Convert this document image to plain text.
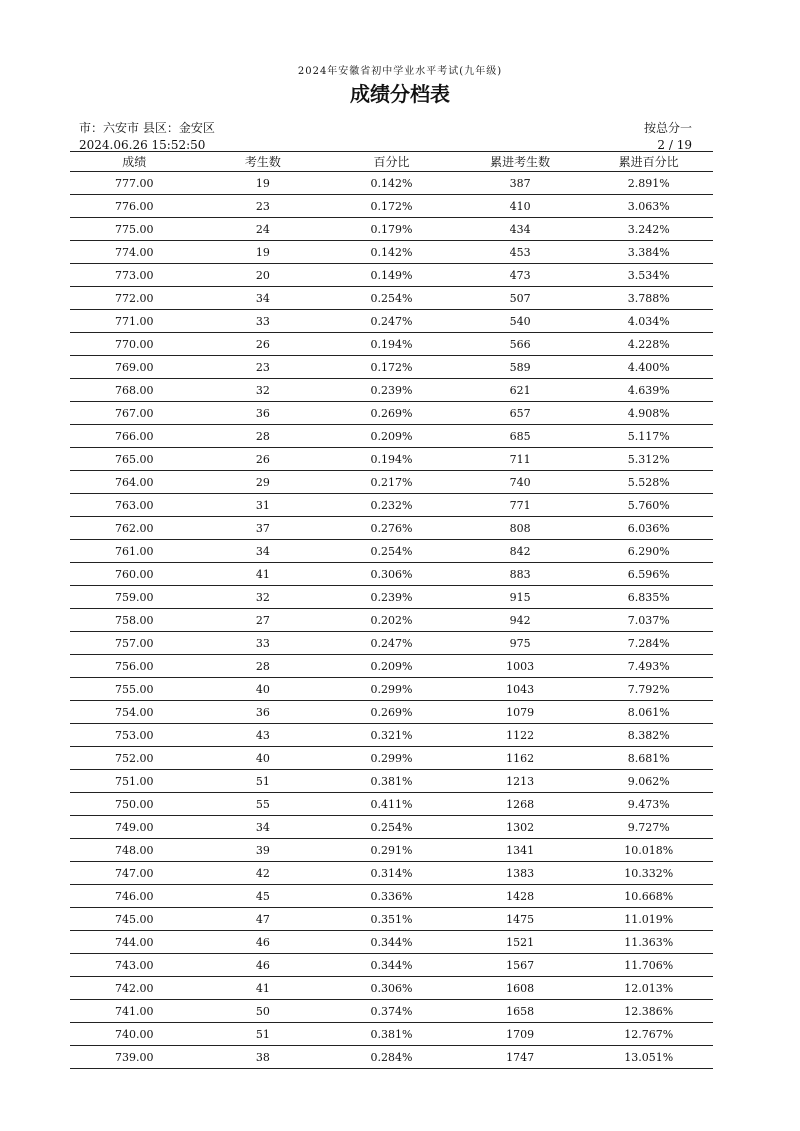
2024年安徽省初中学业水平考试(九年级)
成绩分档表
市：六安市 县区：金安区
2024.06.26 15:52:50
按总分一
2 / 19
成绩	考生数	百分比	累进考生数	累进百分比
777.00	19	0.142%	387	2.891%
776.00	23	0.172%	410	3.063%
775.00	24	0.179%	434	3.242%
774.00	19	0.142%	453	3.384%
773.00	20	0.149%	473	3.534%
772.00	34	0.254%	507	3.788%
771.00	33	0.247%	540	4.034%
770.00	26	0.194%	566	4.228%
769.00	23	0.172%	589	4.400%
768.00	32	0.239%	621	4.639%
767.00	36	0.269%	657	4.908%
766.00	28	0.209%	685	5.117%
765.00	26	0.194%	711	5.312%
764.00	29	0.217%	740	5.528%
763.00	31	0.232%	771	5.760%
762.00	37	0.276%	808	6.036%
761.00	34	0.254%	842	6.290%
760.00	41	0.306%	883	6.596%
759.00	32	0.239%	915	6.835%
758.00	27	0.202%	942	7.037%
757.00	33	0.247%	975	7.284%
756.00	28	0.209%	1003	7.493%
755.00	40	0.299%	1043	7.792%
754.00	36	0.269%	1079	8.061%
753.00	43	0.321%	1122	8.382%
752.00	40	0.299%	1162	8.681%
751.00	51	0.381%	1213	9.062%
750.00	55	0.411%	1268	9.473%
749.00	34	0.254%	1302	9.727%
748.00	39	0.291%	1341	10.018%
747.00	42	0.314%	1383	10.332%
746.00	45	0.336%	1428	10.668%
745.00	47	0.351%	1475	11.019%
744.00	46	0.344%	1521	11.363%
743.00	46	0.344%	1567	11.706%
742.00	41	0.306%	1608	12.013%
741.00	50	0.374%	1658	12.386%
740.00	51	0.381%	1709	12.767%
739.00	38	0.284%	1747	13.051%
